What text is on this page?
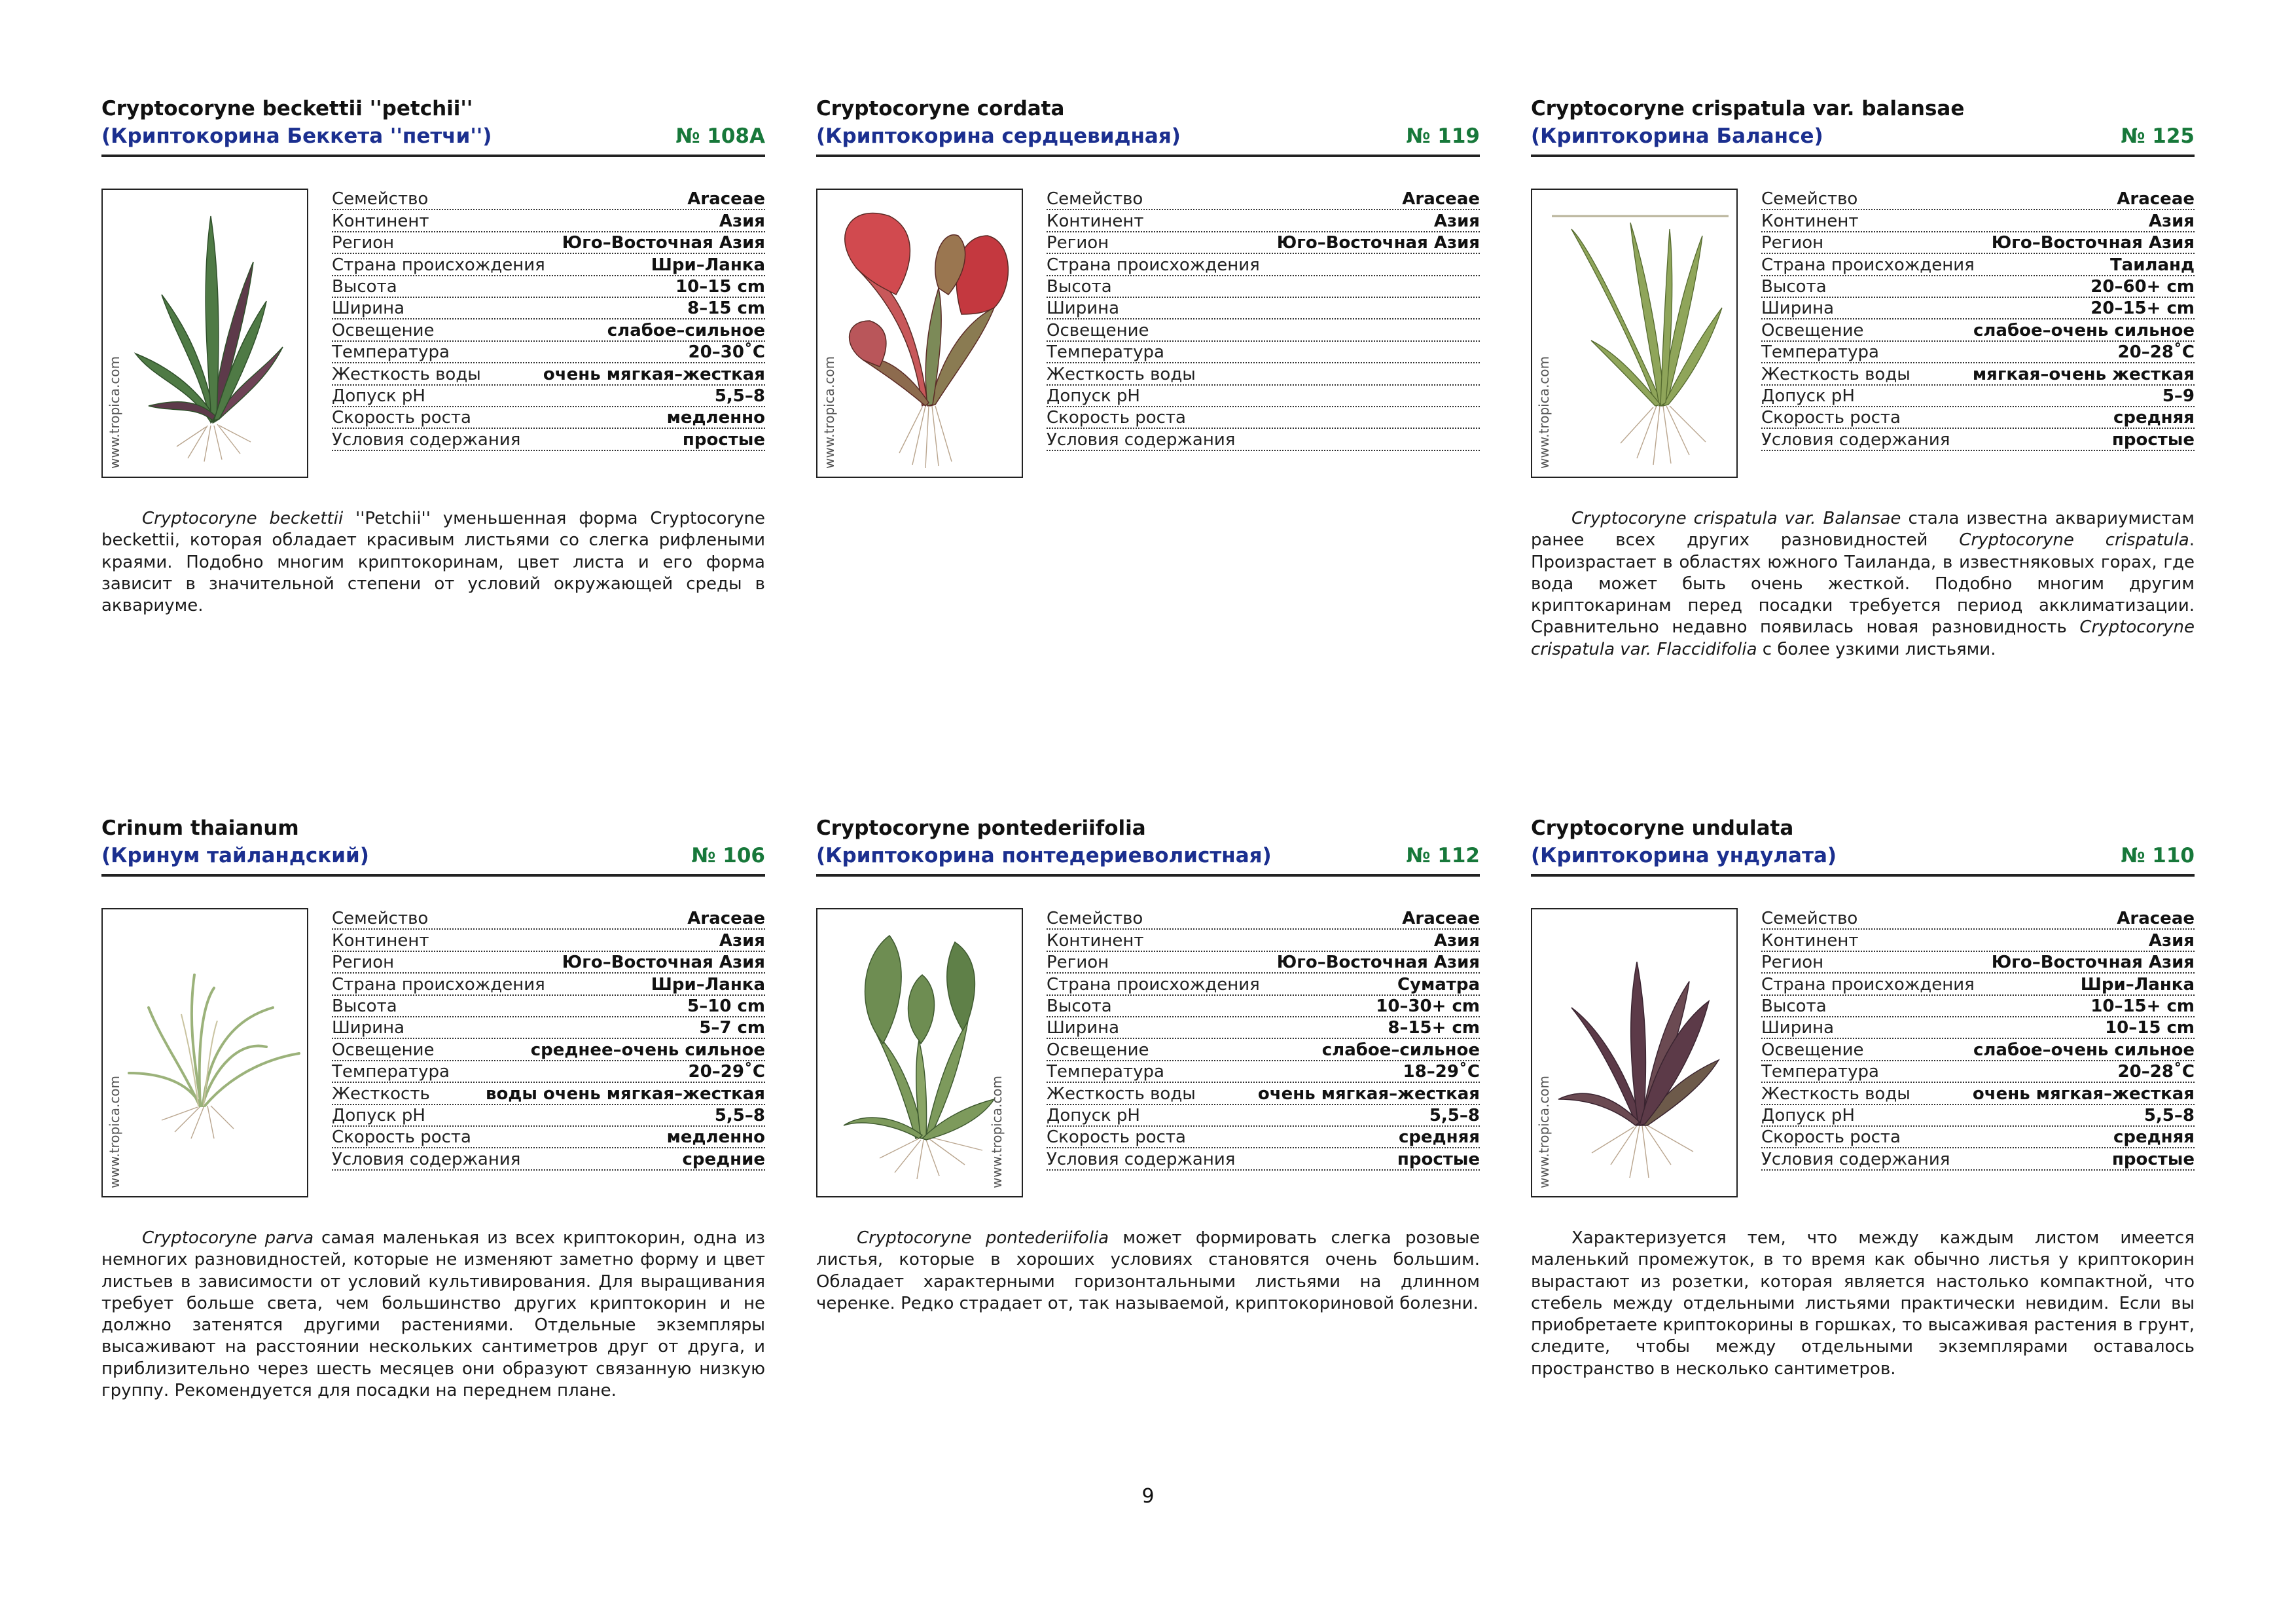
Cryptocoryne beckettii ''petchii''
(Криптокорина Беккета ''петчи'')	№ 108A
www.tropica.com
Семейство	Araceae
Континент	Азия
Регион	Юго–Восточная Азия
Страна происхождения	Шри–Ланка
Высота	10–15 cm
Ширина	8–15 cm
Освещение	слабое–сильное
Температура	20–30˚C
Жесткость воды	очень мягкая–жесткая
Допуск pH	5,5–8
Скорость роста	медленно
Условия содержания	простые

Cryptocoryne beckettii ''Petchii'' уменьшенная форма Cryptocoryne beckettii, которая обладает красивым листьями со слегка рифлеными краями. Подобно многим криптокоринам, цвет листа и его форма зависит в значительной степени от условий окружающей среды в аквариуме.

Cryptocoryne cordata
(Криптокорина сердцевидная)	№ 119
www.tropica.com
Семейство	Araceae
Континент	Азия
Регион	Юго–Восточная Азия
Страна происхождения
Высота
Ширина
Освещение
Температура
Жесткость воды
Допуск pH
Скорость роста
Условия содержания
Cryptocoryne crispatula var. balansae
(Криптокорина Балансе)	№ 125
www.tropica.com
Семейство	Araceae
Континент	Азия
Регион	Юго–Восточная Азия
Страна происхождения	Таиланд
Высота	20–60+ cm
Ширина	20–15+ cm
Освещение	слабое–очень сильное
Температура	20–28˚C
Жесткость воды	мягкая–очень жесткая
Допуск pH	5–9
Скорость роста	средняя
Условия содержания	простые

Cryptocoryne crispatula var. Balansae стала известна аквариумистам ранее всех других разновидностей Cryptocoryne crispatula. Произрастает в областях южного Таиланда, в известняковых горах, где вода может быть очень жесткой. Подобно многим другим криптокаринам перед посадки требуется период акклиматизации. Сравнительно недавно появилась новая разновидность Cryptocoryne crispatula var. Flaccidifolia с более узкими листьями.

Crinum thaianum
(Кринум тайландский)	№ 106
www.tropica.com
Семейство	Araceae
Континент	Азия
Регион	Юго–Восточная Азия
Страна происхождения	Шри–Ланка
Высота	5–10 cm
Ширина	5–7 cm
Освещение	среднее–очень сильное
Температура	20–29˚C
Жесткость	воды очень мягкая–жесткая
Допуск pH	5,5–8
Скорость роста	медленно
Условия содержания	средние

Cryptocoryne parva самая маленькая из всех криптокорин, одна из немногих разновидностей, которые не изменяют заметно форму и цвет листьев в зависимости от условий культивирования. Для выращивания требует больше света, чем большинство других криптокорин и не должно затенятся другими растениями. Отдельные экземпляры высаживают на расстоянии нескольких сантиметров друг от друга, и приблизительно через шесть месяцев они образуют связанную низкую группу. Рекомендуется для посадки на переднем плане.

Cryptocoryne pontederiifolia
(Криптокорина понтедериеволистная)	№ 112
www.tropica.com
Семейство	Araceae
Континент	Азия
Регион	Юго–Восточная Азия
Страна происхождения	Суматра
Высота	10–30+ cm
Ширина	8–15+ cm
Освещение	слабое–сильное
Температура	18–29˚C
Жесткость воды	очень мягкая–жесткая
Допуск pH	5,5–8
Скорость роста	средняя
Условия содержания	простые

Cryptocoryne pontederiifolia может формировать слегка розовые листья, которые в хороших условиях становятся очень большим. Обладает характерными горизонтальными листьями на длинном черенке. Редко страдает от, так называемой, криптокориновой болезни.

Cryptocoryne undulata
(Криптокорина ундулата)	№ 110
www.tropica.com
Семейство	Araceae
Континент	Азия
Регион	Юго–Восточная Азия
Страна происхождения	Шри–Ланка
Высота	10–15+ cm
Ширина	10–15 cm
Освещение	слабое–очень сильное
Температура	20–28˚C
Жесткость воды	очень мягкая–жесткая
Допуск pH	5,5–8
Скорость роста	средняя
Условия содержания	простые

Характеризуется тем, что между каждым листом имеется маленький промежуток, в то время как обычно листья у криптокорин вырастают из розетки, которая является настолько компактной, что стебель между отдельными листьями практически невидим. Если вы приобретаете криптокорины в горшках, то высаживая растения в грунт, следите, чтобы между отдельными экземплярами оставалось пространство в несколько сантиметров.

9
